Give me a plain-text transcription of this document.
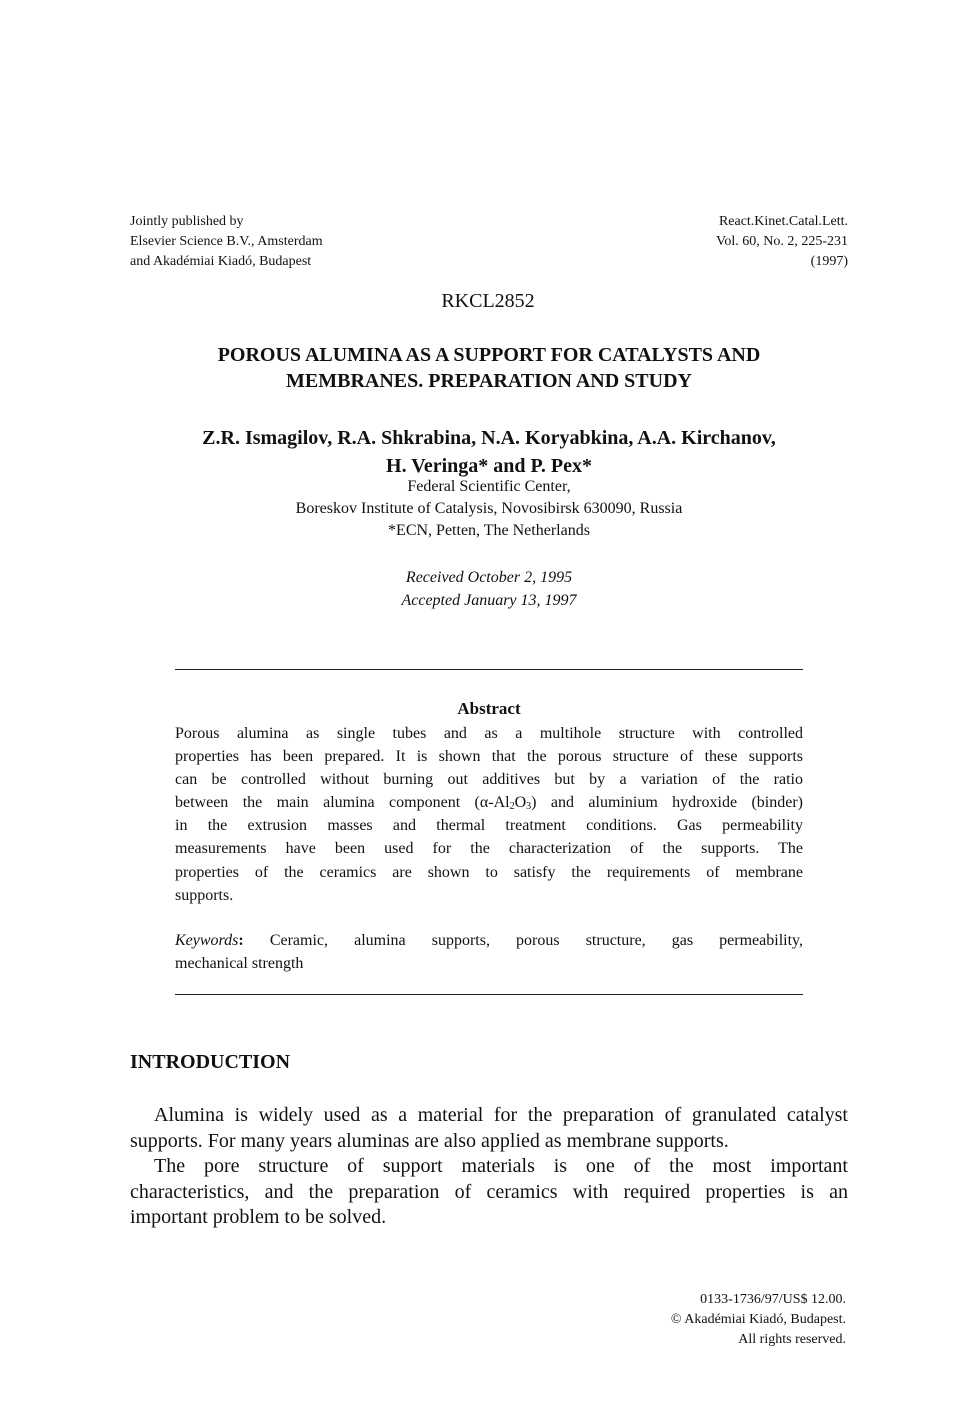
Jointly published by
Elsevier Science B.V., Amsterdam
and Akadémiai Kiadó, Budapest
React.Kinet.Catal.Lett.
Vol. 60, No. 2, 225-231
(1997)
RKCL2852
POROUS ALUMINA AS A SUPPORT FOR CATALYSTS AND
MEMBRANES. PREPARATION AND STUDY
Z.R. Ismagilov, R.A. Shkrabina, N.A. Koryabkina, A.A. Kirchanov,
H. Veringa* and P. Pex*
Federal Scientific Center,
Boreskov Institute of Catalysis, Novosibirsk 630090, Russia
*ECN, Petten, The Netherlands
Received October 2, 1995
Accepted January 13, 1997
Abstract
Porous alumina as single tubes and as a multihole structure with controlled
properties has been prepared. It is shown that the porous structure of these supports
can be controlled without burning out additives but by a variation of the ratio
between the main alumina component $(\alpha-Al_2O_3)$ and aluminium hydroxide (binder)
in the extrusion masses and thermal treatment conditions. Gas permeability
measurements have been used for the characterization of the supports. The
properties of the ceramics are shown to satisfy the requirements of membrane
supports.
Keywords: Ceramic, alumina supports, porous structure, gas permeability,
mechanical strength
INTRODUCTION
Alumina is widely used as a material for the preparation of granulated catalyst
supports. For many years aluminas are also applied as membrane supports.
The pore structure of support materials is one of the most important
characteristics, and the preparation of ceramics with required properties is an
important problem to be solved.
0133-1736/97/US$ 12.00.
© Akadémiai Kiadó, Budapest.
All rights reserved.
